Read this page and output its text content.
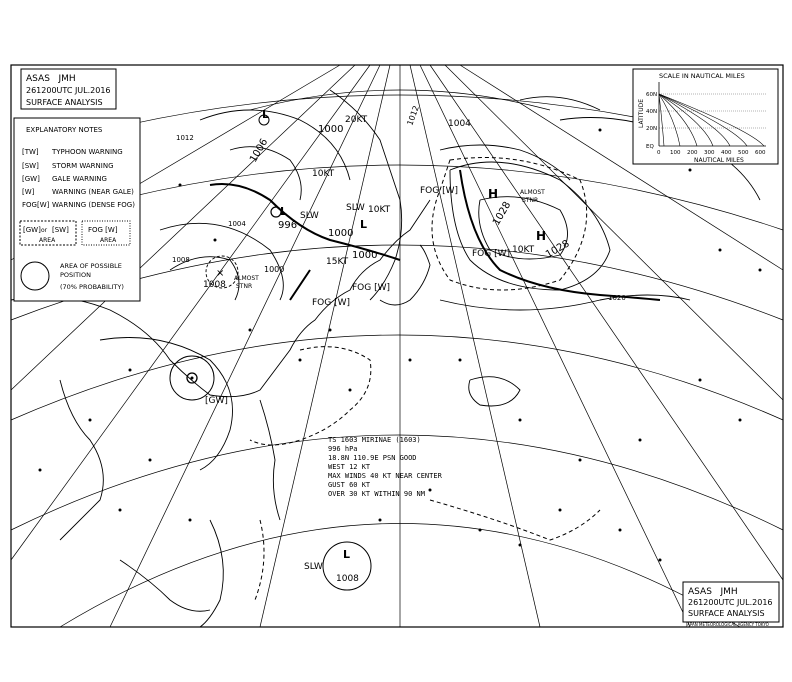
[GW]
L
1008
SLW
×
1008
ALMOST
STNR
L
996
SLW
L
1000
1000
SLW 10KT
15KT
10KT
1006
1000
20KT
L
1004
H
1028
H
1028
ALMOST
STNR
10KT
FOG [W]
FOG [W]
FOG [W]
FOG [W]	1020
1012
1008
1000
1004
1012
TS 1603 MIRINAE (1603)
996 hPa
18.8N 110.9E PSN GOOD
WEST 12 KT
MAX WINDS 40 KT NEAR CENTER
GUST 60 KT
OVER 30 KT WITHIN 90 NM
ASAS   JMH
261200UTC JUL.2016
SURFACE ANALYSIS
EXPLANATORY NOTES
[TW] TYPHOON WARNING
[SW] STORM WARNING
[GW] GALE WARNING
[W]	WARNING (NEAR GALE)
FOG[W] WARNING (DENSE FOG)
[GW] or [SW]
AREA
FOG [W]
AREA
AREA OF POSSIBLE
POSITION
(70% PROBABILITY)
SCALE IN NAUTICAL MILES
LATITUDE
60N
40N
20N
EQ
0 100 200 300 400 500 600
NAUTICAL MILES
ASAS   JMH
261200UTC JUL.2016
SURFACE ANALYSIS
JAPAN METEOROLOGICAL AGENCY TOKYO
